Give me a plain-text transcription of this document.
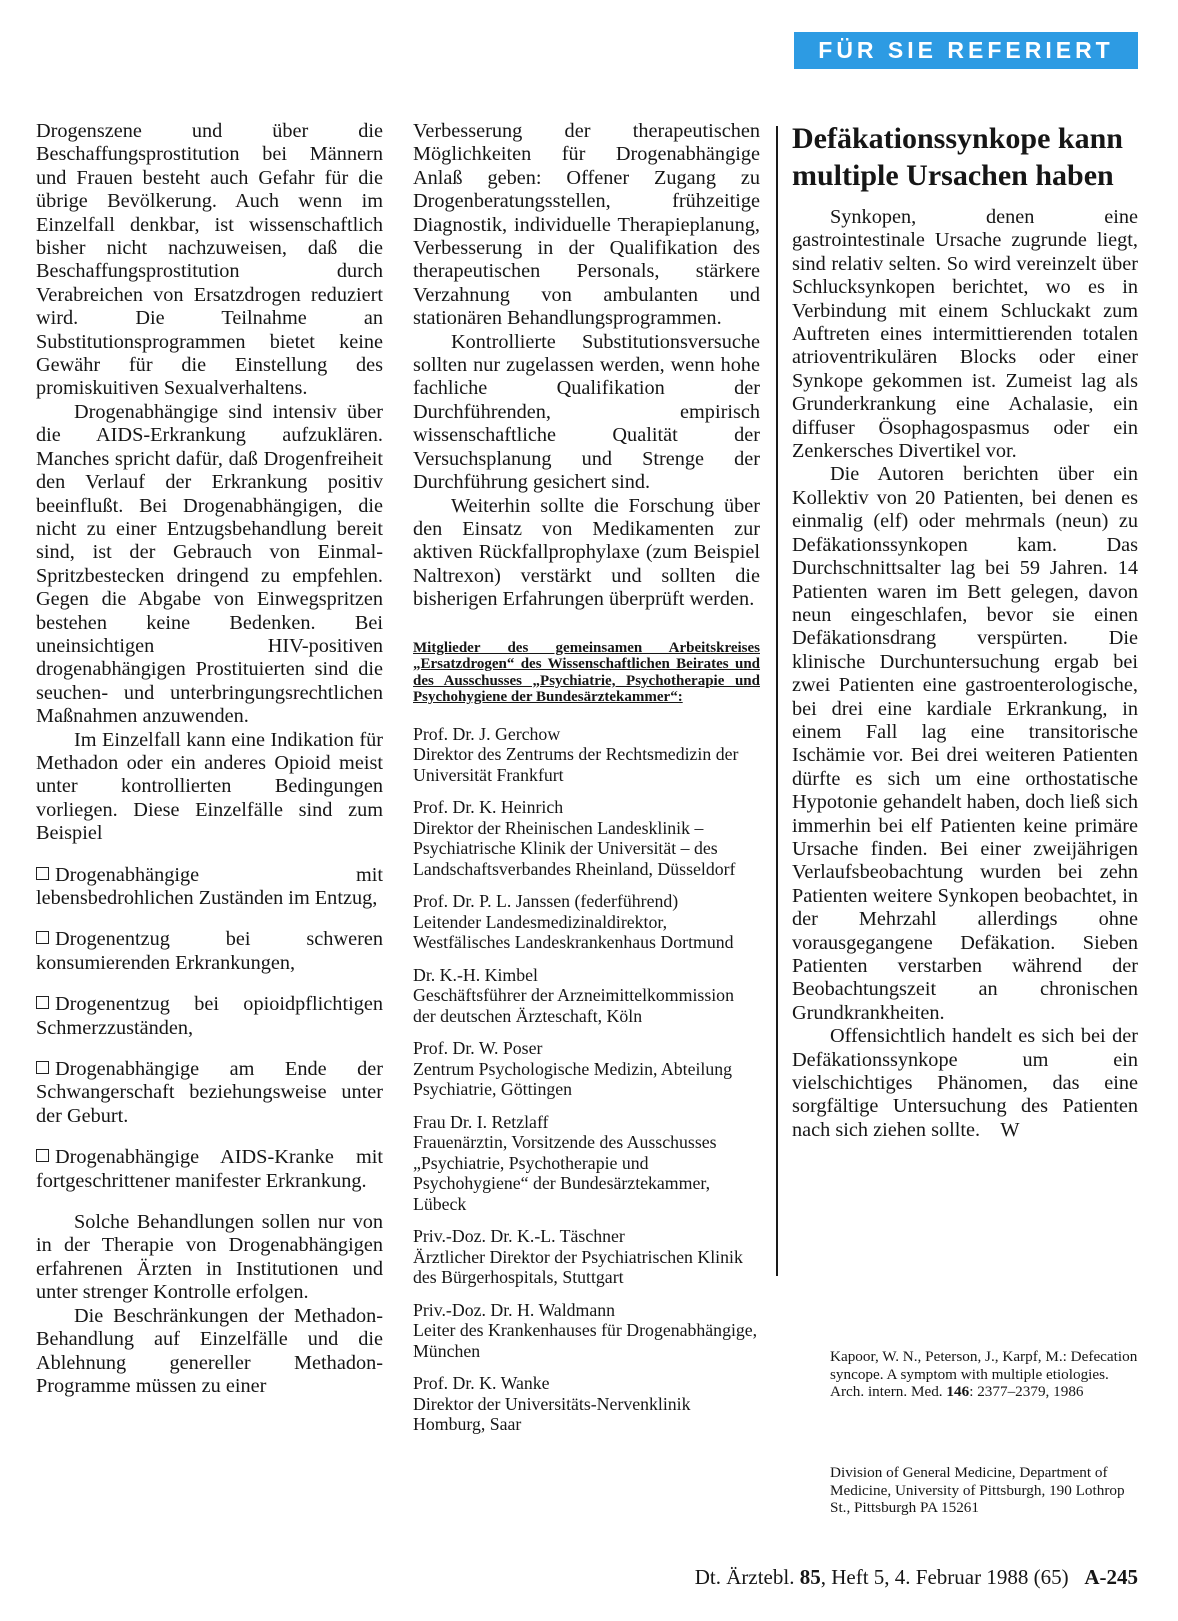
FÜR SIE REFERIERT

Drogenszene und über die Beschaffungsprostitution bei Männern und Frauen besteht auch Gefahr für die übrige Bevölkerung. Auch wenn im Einzelfall denkbar, ist wissenschaftlich bisher nicht nachzuweisen, daß die Beschaffungsprostitution durch Verabreichen von Ersatzdrogen reduziert wird. Die Teilnahme an Substitutionsprogrammen bietet keine Gewähr für die Einstellung des promiskuitiven Sexualverhaltens.

Drogenabhängige sind intensiv über die AIDS-Erkrankung aufzuklären. Manches spricht dafür, daß Drogenfreiheit den Verlauf der Erkrankung positiv beeinflußt. Bei Drogenabhängigen, die nicht zu einer Entzugsbehandlung bereit sind, ist der Gebrauch von Einmal-Spritzbestecken dringend zu empfehlen. Gegen die Abgabe von Einwegspritzen bestehen keine Bedenken. Bei uneinsichtigen HIV-positiven drogenabhängigen Prostituierten sind die seuchen- und unterbringungsrechtlichen Maßnahmen anzuwenden.

Im Einzelfall kann eine Indikation für Methadon oder ein anderes Opioid meist unter kontrollierten Bedingungen vorliegen. Diese Einzelfälle sind zum Beispiel

Drogenabhängige mit lebensbedrohlichen Zuständen im Entzug,

Drogenentzug bei schweren konsumierenden Erkrankungen,

Drogenentzug bei opioidpflichtigen Schmerzzuständen,

Drogenabhängige am Ende der Schwangerschaft beziehungsweise unter der Geburt.

Drogenabhängige AIDS-Kranke mit fortgeschrittener manifester Erkrankung.

Solche Behandlungen sollen nur von in der Therapie von Drogenabhängigen erfahrenen Ärzten in Institutionen und unter strenger Kontrolle erfolgen.

Die Beschränkungen der Methadon-Behandlung auf Einzelfälle und die Ablehnung genereller Methadon-Programme müssen zu einer

Verbesserung der therapeutischen Möglichkeiten für Drogenabhängige Anlaß geben: Offener Zugang zu Drogenberatungsstellen, frühzeitige Diagnostik, individuelle Therapieplanung, Verbesserung in der Qualifikation des therapeutischen Personals, stärkere Verzahnung von ambulanten und stationären Behandlungsprogrammen.

Kontrollierte Substitutionsversuche sollten nur zugelassen werden, wenn hohe fachliche Qualifikation der Durchführenden, empirisch wissenschaftliche Qualität der Versuchsplanung und Strenge der Durchführung gesichert sind.

Weiterhin sollte die Forschung über den Einsatz von Medikamenten zur aktiven Rückfallprophylaxe (zum Beispiel Naltrexon) verstärkt und sollten die bisherigen Erfahrungen überprüft werden.

Mitglieder des gemeinsamen Arbeitskreises „Ersatzdrogen“ des Wissenschaftlichen Beirates und des Ausschusses „Psychiatrie, Psychotherapie und Psychohygiene der Bundesärztekammer“:
Prof. Dr. J. Gerchow
Direktor des Zentrums der Rechtsmedizin der Universität Frankfurt
Prof. Dr. K. Heinrich
Direktor der Rheinischen Landesklinik – Psychiatrische Klinik der Universität – des Landschaftsverbandes Rheinland, Düsseldorf
Prof. Dr. P. L. Janssen (federführend)
Leitender Landesmedizinaldirektor, Westfälisches Landeskrankenhaus Dortmund
Dr. K.-H. Kimbel
Geschäftsführer der Arzneimittelkommission der deutschen Ärzteschaft, Köln
Prof. Dr. W. Poser
Zentrum Psychologische Medizin, Abteilung Psychiatrie, Göttingen
Frau Dr. I. Retzlaff
Frauenärztin, Vorsitzende des Ausschusses „Psychiatrie, Psychotherapie und Psychohygiene“ der Bundesärztekammer, Lübeck
Priv.-Doz. Dr. K.-L. Täschner
Ärztlicher Direktor der Psychiatrischen Klinik des Bürgerhospitals, Stuttgart
Priv.-Doz. Dr. H. Waldmann
Leiter des Krankenhauses für Drogenabhängige, München
Prof. Dr. K. Wanke
Direktor der Universitäts-Nervenklinik Homburg, Saar
Defäkationssynkope kann multiple Ursachen haben

Synkopen, denen eine gastrointestinale Ursache zugrunde liegt, sind relativ selten. So wird vereinzelt über Schlucksynkopen berichtet, wo es in Verbindung mit einem Schluckakt zum Auftreten eines intermittierenden totalen atrioventrikulären Blocks oder einer Synkope gekommen ist. Zumeist lag als Grunderkrankung eine Achalasie, ein diffuser Ösophagospasmus oder ein Zenkersches Divertikel vor.

Die Autoren berichten über ein Kollektiv von 20 Patienten, bei denen es einmalig (elf) oder mehrmals (neun) zu Defäkationssynkopen kam. Das Durchschnittsalter lag bei 59 Jahren. 14 Patienten waren im Bett gelegen, davon neun eingeschlafen, bevor sie einen Defäkationsdrang verspürten. Die klinische Durchuntersuchung ergab bei zwei Patienten eine gastroenterologische, bei drei eine kardiale Erkrankung, in einem Fall lag eine transitorische Ischämie vor. Bei drei weiteren Patienten dürfte es sich um eine orthostatische Hypotonie gehandelt haben, doch ließ sich immerhin bei elf Patienten keine primäre Ursache finden. Bei einer zweijährigen Verlaufsbeobachtung wurden bei zehn Patienten weitere Synkopen beobachtet, in der Mehrzahl allerdings ohne vorausgegangene Defäkation. Sieben Patienten verstarben während der Beobachtungszeit an chronischen Grundkrankheiten.

Offensichtlich handelt es sich bei der Defäkationssynkope um ein vielschichtiges Phänomen, das eine sorgfältige Untersuchung des Patienten nach sich ziehen sollte. W

Kapoor, W. N., Peterson, J., Karpf, M.: Defecation syncope. A symptom with multiple etiologies. Arch. intern. Med. 146: 2377–2379, 1986
Division of General Medicine, Department of Medicine, University of Pittsburgh, 190 Lothrop St., Pittsburgh PA 15261
Dt. Ärztebl. 85, Heft 5, 4. Februar 1988 (65) A-245
